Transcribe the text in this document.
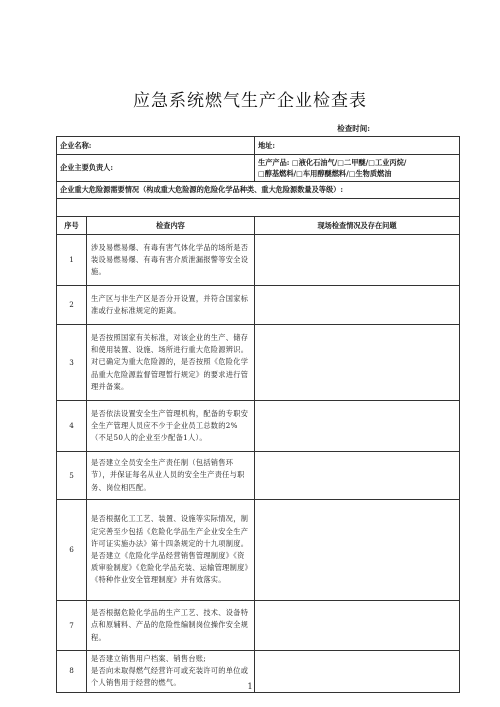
应急系统燃气生产企业检查表
检查时间:
企业名称:		地址:
企业主要负责人:		生产产品: □液化石油气/□二甲醚/□工业丙烷/
□醇基燃料/□车用醇醚燃料/□生物质燃油

企业重大危险源需要情况（构成重大危险源的危险化学品种类、重大危险源数量及等级）:		

序号	检查内容	现场检查情况及存在问题
1	涉及易燃易爆、有毒有害气体化学品的场所是否装设易燃易爆、有毒有害介质泄漏报警等安全设施。	
2	生产区与非生产区是否分开设置，并符合国家标准或行业标准规定的距离。	
3	是否按照国家有关标准，对该企业的生产、储存和使用装置、设施、场所进行重大危险源辨识。对已确定为重大危险源的，是否按照《危险化学品重大危险源监督管理暂行规定》的要求进行管理并备案。	
4	是否依法设置安全生产管理机构，配备的专职安全生产管理人员应不少于企业员工总数的2%（不足50人的企业至少配备1人）。	
5	是否建立全员安全生产责任制（包括销售环节），并保证每名从业人员的安全生产责任与职务、岗位相匹配。	
6	是否根据化工工艺、装置、设施等实际情况，制定完善至少包括《危险化学品生产企业安全生产许可证实施办法》第十四条规定的十九项制度。是否建立《危险化学品经营销售管理制度》《资质审验制度》《危险化学品充装、运输管理制度》《特种作业安全管理制度》并有效落实。	
7	是否根据危险化学品的生产工艺、技术、设备特点和原辅料、产品的危险性编制岗位操作安全规程。	
8	是否建立销售用户档案、销售台账;
是否向未取得燃气经营许可或充装许可的单位或个人销售用于经营的燃气。		1
